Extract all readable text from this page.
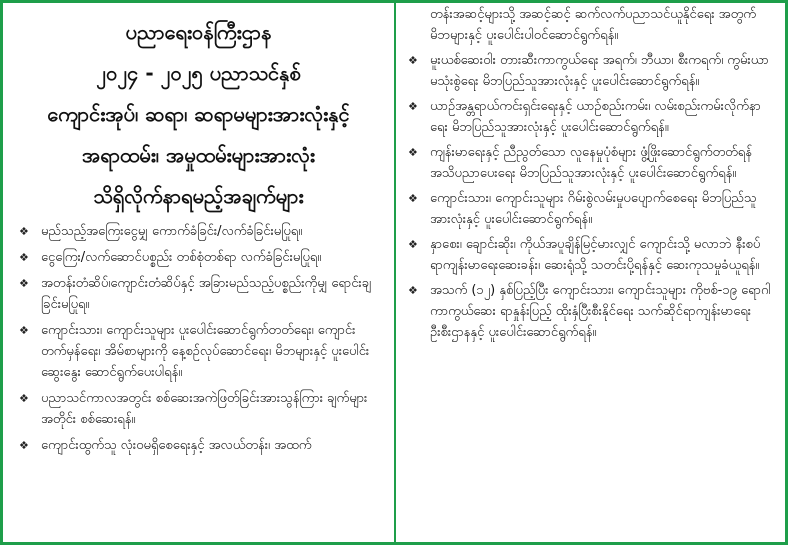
ပညာရေးဝန်ကြီးဌာန
၂၀၂၄ - ၂၀၂၅ ပညာသင်နှစ်
ကျောင်းအုပ်၊ ဆရာ၊ ဆရာမများအားလုံးနှင့်
အရာထမ်း၊ အမှုထမ်းများအားလုံး
သိရှိလိုက်နာရမည့်အချက်များ
❖ မည်သည့်အကြေးငွေမျှ ကောက်ခံခြင်း/လက်ခံခြင်းမပြုရ။
❖ ငွေကြေး/လက်ဆောင်ပစ္စည်း တစ်စုံတစ်ရာ လက်ခံခြင်းမပြုရ။
❖ အတန်းတံဆိပ်၊ကျောင်းတံဆိပ်နှင့် အခြားမည်သည့်ပစ္စည်းကိုမျှ ရောင်းချခြင်းမပြုရ။
❖ ကျောင်းသား၊ ကျောင်းသူများ ပူးပေါင်းဆောင်ရွက်တတ်ရေး၊ ကျောင်းတက်မှန်ရေး၊ အိမ်စာများကို နေ့စဉ်လုပ်ဆောင်ရေး၊ မိဘများနှင့် ပူးပေါင်းဆွေးနွေး ဆောင်ရွက်ပေးပါရန်။
❖ ပညာသင်ကာလအတွင်း စစ်ဆေးအကဲဖြတ်ခြင်းအားသွန်ကြား ချက်များအတိုင်း စစ်ဆေးရန်။
❖ ကျောင်းထွက်သူ လုံးဝမရှိစေရေးနှင့် အလယ်တန်း၊ အထက်
တန်းအဆင့်များသို့ အဆင့်ဆင့် ဆက်လက်ပညာသင်ယူနိုင်ရေး အတွက် မိဘများနှင့် ပူးပေါင်းပါဝင်ဆောင်ရွက်ရန်။
❖ မူးယစ်ဆေးဝါး တားဆီးကာကွယ်ရေး အရက်၊ ဘီယာ၊ စီးကရက်၊ ကွမ်းယာမသုံးစွဲရေး မိဘပြည်သူအားလုံးနှင့် ပူးပေါင်းဆောင်ရွက်ရန်။
❖ ယာဉ်အန္တရာယ်ကင်းရှင်းရေးနှင့် ယာဉ်စည်းကမ်း၊ လမ်းစည်းကမ်းလိုက်နာရေး မိဘပြည်သူအားလုံးနှင့် ပူးပေါင်းဆောင်ရွက်ရန်။
❖ ကျန်းမာရေးနှင့် ညီညွတ်သော လူနေမှုပုံစံများ ဖွံ့ဖြိုးဆောင်ရွက်တတ်ရန် အသိပညာပေးရေး မိဘပြည်သူအားလုံးနှင့် ပူးပေါင်းဆောင်ရွက်ရန်။
❖ ကျောင်းသား၊ ကျောင်းသူများ ဂိမ်းစွဲလမ်းမှုပပျောက်စေရေး မိဘပြည်သူအားလုံးနှင့် ပူးပေါင်းဆောင်ရွက်ရန်။
❖ နှာစေး၊ ချောင်းဆိုး၊ ကိုယ်အပူချိန်မြင့်မားလျှင် ကျောင်းသို့ မလာဘဲ နီးစပ်ရာကျန်းမာရေးဆေးခန်း၊ ဆေးရုံသို့ သတင်းပို့ရန်နှင့် ဆေးကုသမှုခံယူရန်။
❖ အသက် (၁၂) နှစ်ပြည့်ပြီး ကျောင်းသား၊ ကျောင်းသူများ ကိုဗစ်-၁၉ ရောဂါကာကွယ်ဆေး ရာနှုန်းပြည့် ထိုးနှံပြီးစီးနိုင်ရေး သက်ဆိုင်ရာကျန်းမာရေးဦးစီးဌာနနှင့် ပူးပေါင်းဆောင်ရွက်ရန်။
